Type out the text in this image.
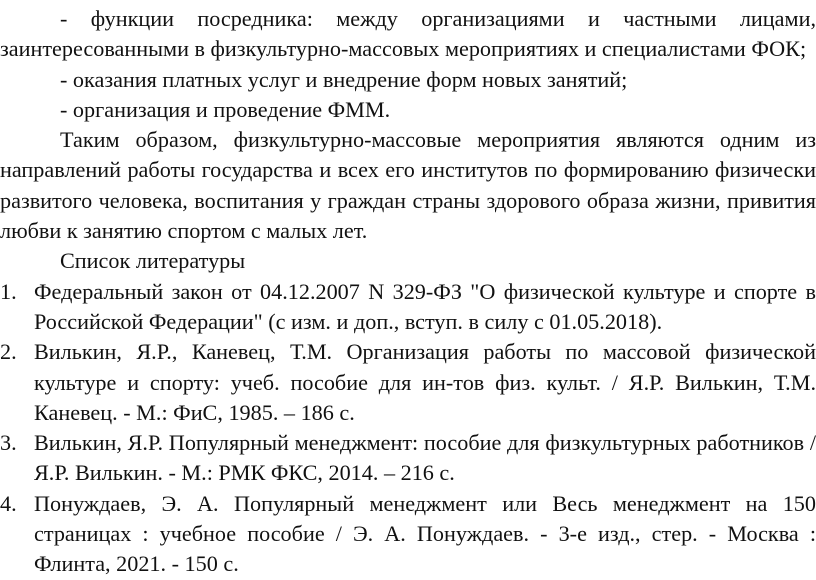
- функции посредника: между организациями и частными лицами, заинтересованными в физкультурно-массовых мероприятиях и специалистами ФОК;

- оказания платных услуг и внедрение форм новых занятий;

- организация и проведение ФММ.

Таким образом, физкультурно-массовые мероприятия являются одним из направлений работы государства и всех его институтов по формированию физически развитого человека, воспитания у граждан страны здорового образа жизни, привития любви к занятию спортом с малых лет.

Список литературы

1. Федеральный закон от 04.12.2007 N 329-ФЗ "О физической культуре и спорте в Российской Федерации" (с изм. и доп., вступ. в силу с 01.05.2018).
2. Вилькин, Я.Р., Каневец, Т.М. Организация работы по массовой физической культуре и спорту: учеб. пособие для ин-тов физ. культ. / Я.Р. Вилькин, Т.М. Каневец. - М.: ФиС, 1985. – 186 с.
3. Вилькин, Я.Р. Популярный менеджмент: пособие для физкультурных работников / Я.Р. Вилькин. - М.: РМК ФКС, 2014. – 216 с.
4. Понуждаев, Э. А. Популярный менеджмент или Весь менеджмент на 150 страницах : учебное пособие / Э. А. Понуждаев. - 3-е изд., стер. - Москва : Флинта, 2021. - 150 с.
